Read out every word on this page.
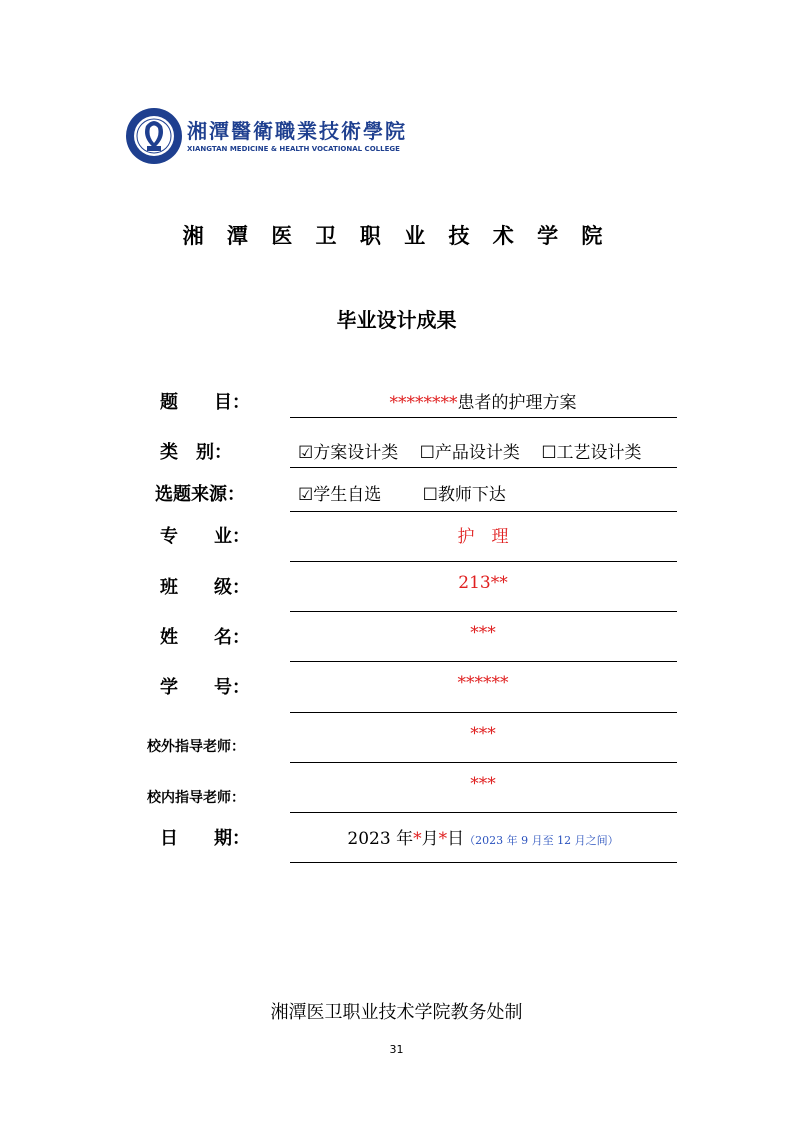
湘潭醫衛職業技術學院
XIANGTAN MEDICINE & HEALTH VOCATIONAL COLLEGE
湘 潭 医 卫 职 业 技 术 学 院
毕业设计成果
题　　目：	********患者的护理方案
类　别：	☑方案设计类 ☐产品设计类 ☐工艺设计类
选题来源：	☑学生自选 ☐教师下达
专　　业：	护　理
班　　级：	213**
姓　　名：	***
学　　号：	******
校外指导老师：
***
校内指导老师：
***
日　　期：	2023 年*月*日（2023 年 9 月至 12 月之间）
湘潭医卫职业技术学院教务处制
31
